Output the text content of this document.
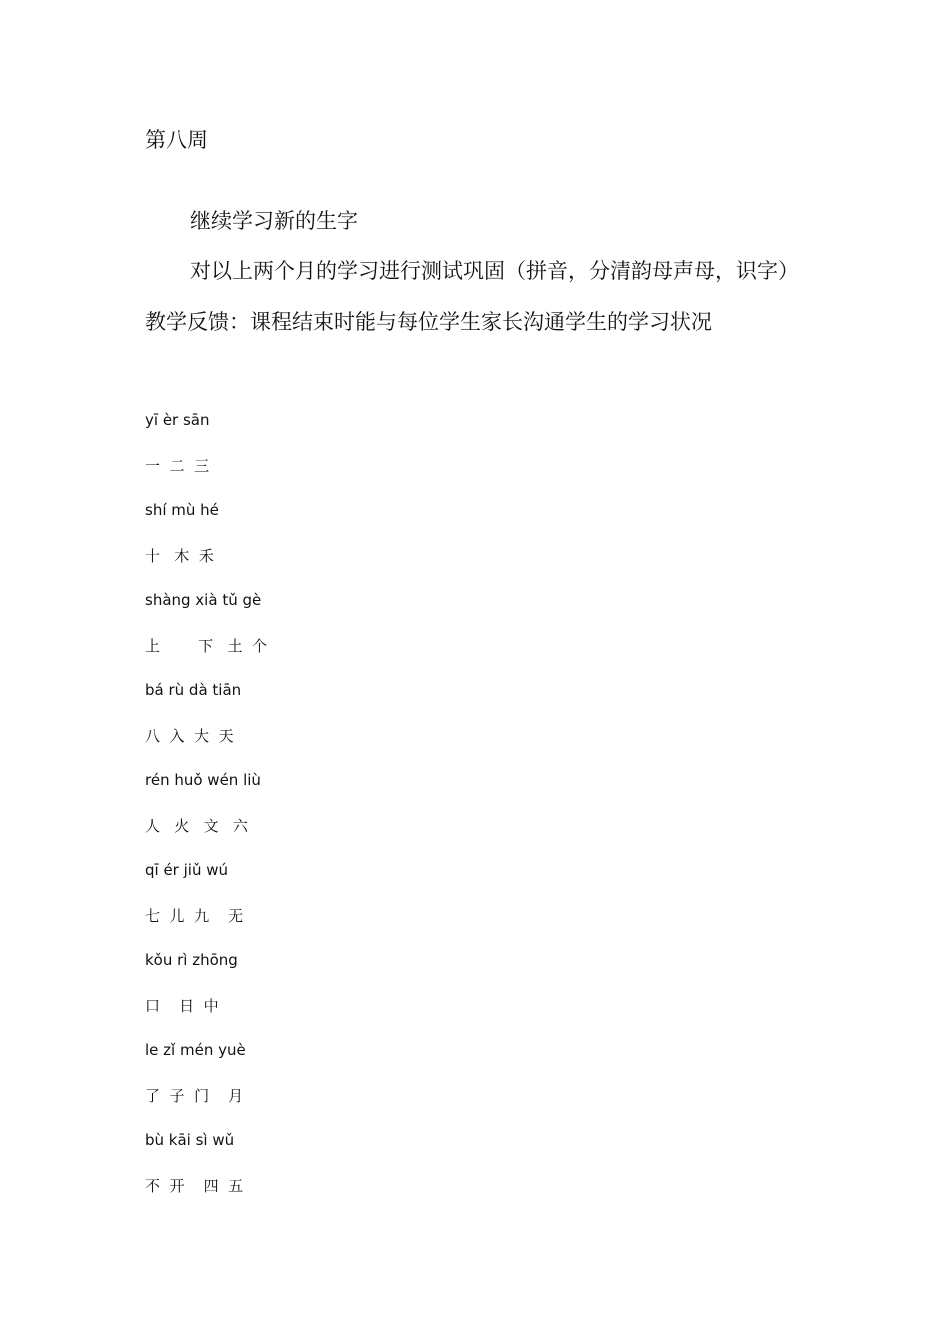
第八周
继续学习新的生字
对以上两个月的学习进行测试巩固（拼音，分清韵母声母，识字）
教学反馈：课程结束时能与每位学生家长沟通学生的学习状况
yī èr sān
一  二  三
shí mù hé
十   木  禾
shàng xià tǔ gè
上        下   土  个
bá rù dà tiān
八  入  大  天
rén huǒ wén liù
人   火   文   六
qī ér jiǔ wú
七  儿  九    无
kǒu rì zhōng
口    日  中
le zǐ mén yuè
了  子  门    月
bù kāi sì wǔ
不  开    四  五
